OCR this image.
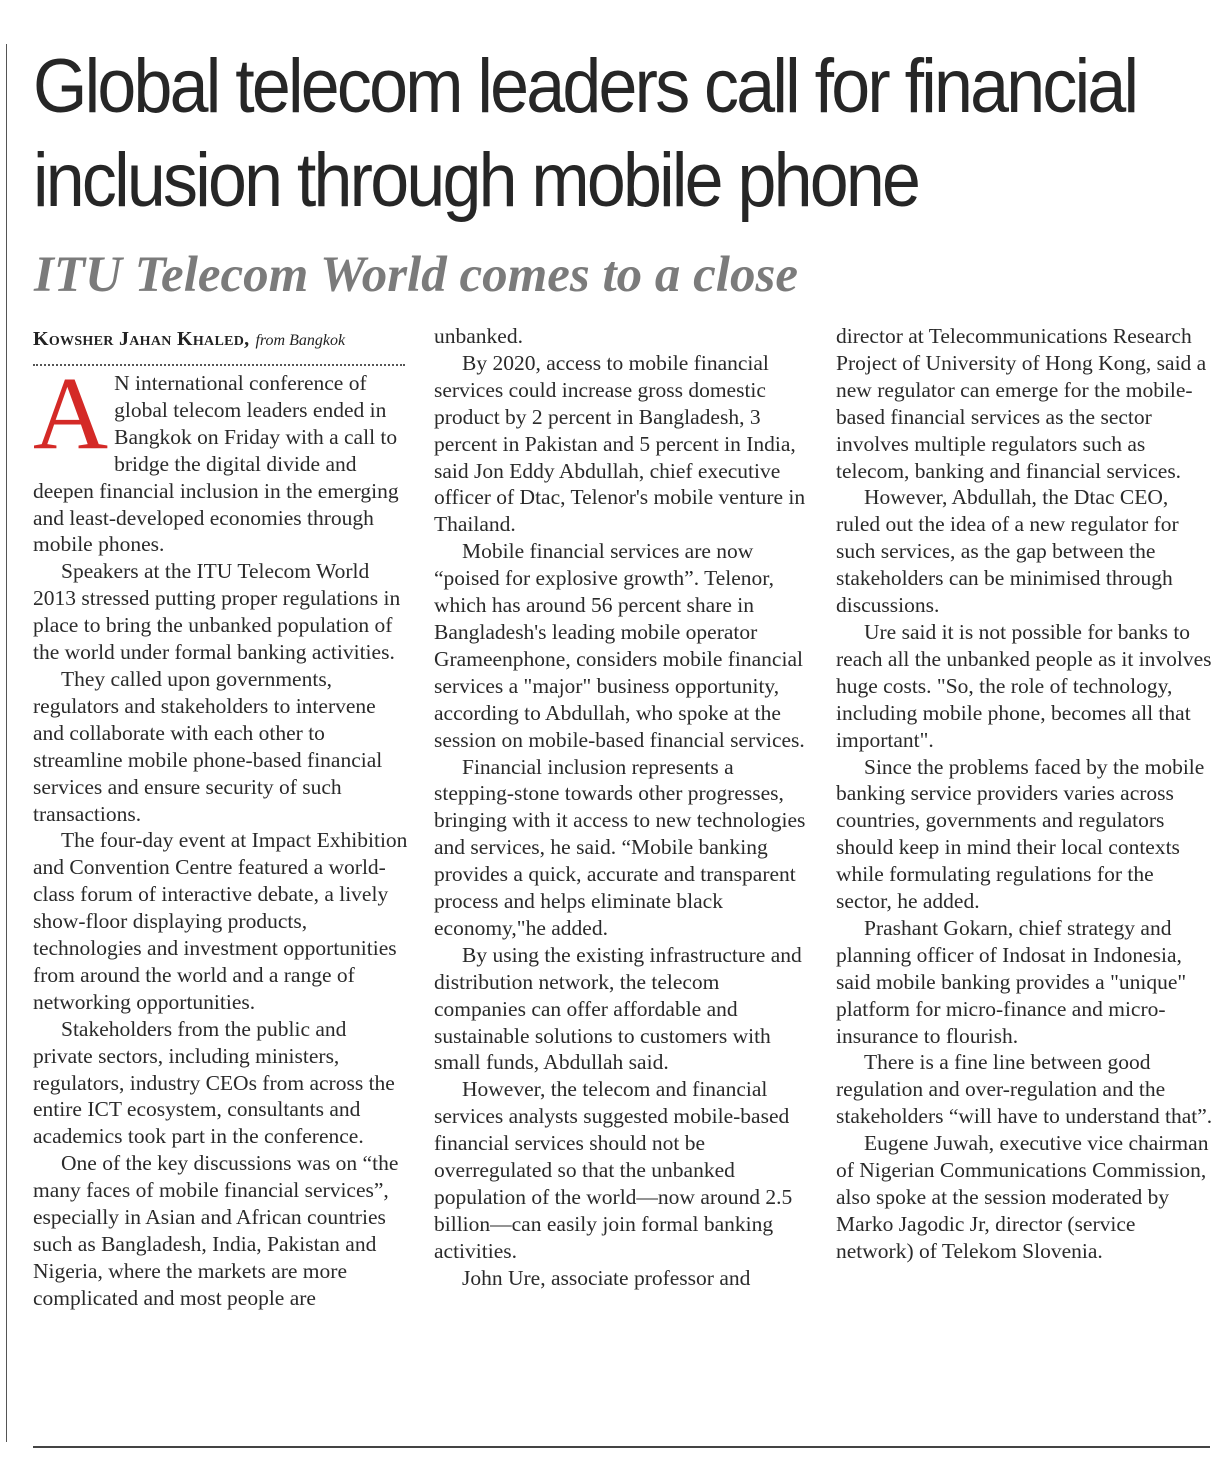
Global telecom leaders call for financial
inclusion through mobile phone
ITU Telecom World comes to a close
Kowsher Jahan Khaled, from Bangkok

A N international conference of global telecom leaders ended in Bangkok on Friday with a call to bridge the digital divide and deepen financial inclusion in the emerging and least-developed economies through mobile phones.

Speakers at the ITU Telecom World 2013 stressed putting proper regulations in place to bring the unbanked population of the world under formal banking activities.

They called upon governments, regulators and stakeholders to intervene and collaborate with each other to streamline mobile phone-based financial services and ensure security of such transactions.

The four-day event at Impact Exhibition and Convention Centre featured a world-class forum of interactive debate, a lively show-floor displaying products, technologies and investment opportunities from around the world and a range of networking opportunities.

Stakeholders from the public and private sectors, including ministers, regulators, industry CEOs from across the entire ICT ecosystem, consultants and academics took part in the conference.

One of the key discussions was on “the many faces of mobile financial services”, especially in Asian and African countries such as Bangladesh, India, Pakistan and Nigeria, where the markets are more complicated and most people are

unbanked.

By 2020, access to mobile financial services could increase gross domestic product by 2 percent in Bangladesh, 3 percent in Pakistan and 5 percent in India, said Jon Eddy Abdullah, chief executive officer of Dtac, Telenor's mobile venture in Thailand.

Mobile financial services are now “poised for explosive growth”. Telenor, which has around 56 percent share in Bangladesh's leading mobile operator Grameenphone, considers mobile financial services a "major" business opportunity, according to Abdullah, who spoke at the session on mobile-based financial services.

Financial inclusion represents a stepping-stone towards other progresses, bringing with it access to new technologies and services, he said. “Mobile banking provides a quick, accurate and transparent process and helps eliminate black economy,"he added.

By using the existing infrastructure and distribution network, the telecom companies can offer affordable and sustainable solutions to customers with small funds, Abdullah said.

However, the telecom and financial services analysts suggested mobile-based financial services should not be overregulated so that the unbanked population of the world—now around 2.5 billion—can easily join formal banking activities.

John Ure, associate professor and

director at Telecommunications Research Project of University of Hong Kong, said a new regulator can emerge for the mobile-based financial services as the sector involves multiple regulators such as telecom, banking and financial services.

However, Abdullah, the Dtac CEO, ruled out the idea of a new regulator for such services, as the gap between the stakeholders can be minimised through discussions.

Ure said it is not possible for banks to reach all the unbanked people as it involves huge costs. "So, the role of technology, including mobile phone, becomes all that important".

Since the problems faced by the mobile banking service providers varies across countries, governments and regulators should keep in mind their local contexts while formulating regulations for the sector, he added.

Prashant Gokarn, chief strategy and planning officer of Indosat in Indonesia, said mobile banking provides a "unique" platform for micro-finance and micro-insurance to flourish.

There is a fine line between good regulation and over-regulation and the stakeholders “will have to understand that”.

Eugene Juwah, executive vice chairman of Nigerian Communications Commission, also spoke at the session moderated by Marko Jagodic Jr, director (service network) of Telekom Slovenia.
